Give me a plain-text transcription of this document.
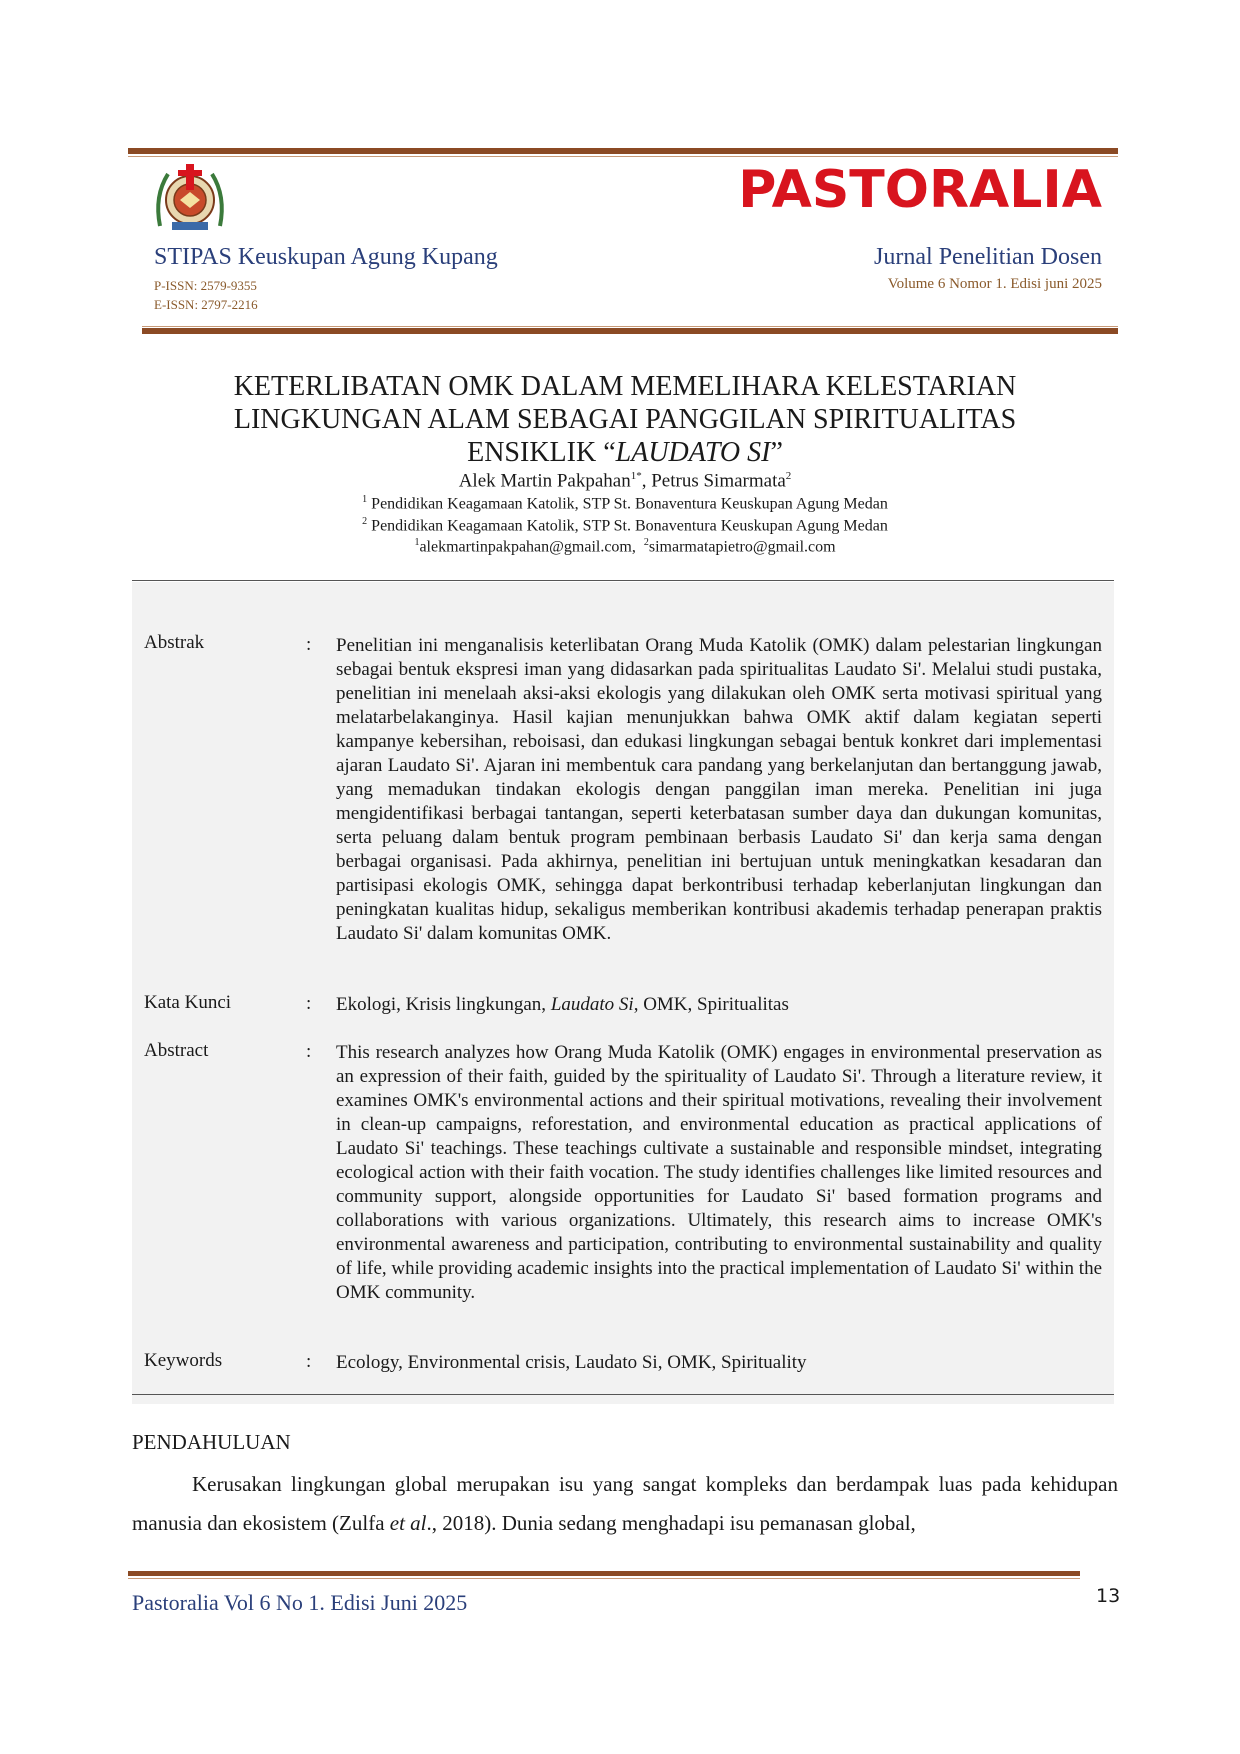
STIPAS Keuskupan Agung Kupang
P-ISSN: 2579-9355
E-ISSN: 2797-2216
PASTORALIA
Jurnal Penelitian Dosen
Volume 6 Nomor 1. Edisi juni 2025
KETERLIBATAN OMK DALAM MEMELIHARA KELESTARIAN
LINGKUNGAN ALAM SEBAGAI PANGGILAN SPIRITUALITAS
ENSIKLIK “LAUDATO SI”
Alek Martin Pakpahan$^{1*}$, Petrus Simarmata$^2$
$^1$ Pendidikan Keagamaan Katolik, STP St. Bonaventura Keuskupan Agung Medan
$^2$ Pendidikan Keagamaan Katolik, STP St. Bonaventura Keuskupan Agung Medan
$^1$alekmartinpakpahan@gmail.com, $^2$simarmatapietro@gmail.com
Abstrak	: Penelitian ini menganalisis keterlibatan Orang Muda Katolik (OMK) dalam pelestarian lingkungan sebagai bentuk ekspresi iman yang didasarkan pada spiritualitas Laudato Si'. Melalui studi pustaka, penelitian ini menelaah aksi-aksi ekologis yang dilakukan oleh OMK serta motivasi spiritual yang melatarbelakanginya. Hasil kajian menunjukkan bahwa OMK aktif dalam kegiatan seperti kampanye kebersihan, reboisasi, dan edukasi lingkungan sebagai bentuk konkret dari implementasi ajaran Laudato Si'. Ajaran ini membentuk cara pandang yang berkelanjutan dan bertanggung jawab, yang memadukan tindakan ekologis dengan panggilan iman mereka. Penelitian ini juga mengidentifikasi berbagai tantangan, seperti keterbatasan sumber daya dan dukungan komunitas, serta peluang dalam bentuk program pembinaan berbasis Laudato Si' dan kerja sama dengan berbagai organisasi. Pada akhirnya, penelitian ini bertujuan untuk meningkatkan kesadaran dan partisipasi ekologis OMK, sehingga dapat berkontribusi terhadap keberlanjutan lingkungan dan peningkatan kualitas hidup, sekaligus memberikan kontribusi akademis terhadap penerapan praktis Laudato Si' dalam komunitas OMK.
Kata Kunci	: Ekologi, Krisis lingkungan, Laudato Si, OMK, Spiritualitas
Abstract	: This research analyzes how Orang Muda Katolik (OMK) engages in environmental preservation as an expression of their faith, guided by the spirituality of Laudato Si'. Through a literature review, it examines OMK's environmental actions and their spiritual motivations, revealing their involvement in clean-up campaigns, reforestation, and environmental education as practical applications of Laudato Si' teachings. These teachings cultivate a sustainable and responsible mindset, integrating ecological action with their faith vocation. The study identifies challenges like limited resources and community support, alongside opportunities for Laudato Si' based formation programs and collaborations with various organizations. Ultimately, this research aims to increase OMK's environmental awareness and participation, contributing to environmental sustainability and quality of life, while providing academic insights into the practical implementation of Laudato Si' within the OMK community.
Keywords	: Ecology, Environmental crisis, Laudato Si, OMK, Spirituality
PENDAHULUAN
Kerusakan lingkungan global merupakan isu yang sangat kompleks dan berdampak luas pada kehidupan manusia dan ekosistem (Zulfa et al., 2018). Dunia sedang menghadapi isu pemanasan global,
Pastoralia Vol 6 No 1. Edisi Juni 2025	13
